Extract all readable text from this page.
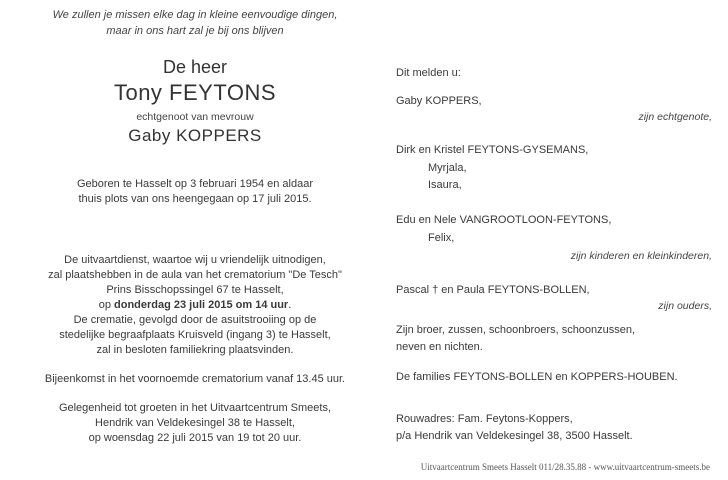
We zullen je missen elke dag in kleine eenvoudige dingen,
maar in ons hart zal je bij ons blijven
De heer
Tony FEYTONS
echtgenoot van mevrouw
Gaby KOPPERS
Geboren te Hasselt op 3 februari 1954 en aldaar
thuis plots van ons heengegaan op 17 juli 2015.
De uitvaartdienst, waartoe wij u vriendelijk uitnodigen,
zal plaatshebben in de aula van het crematorium "De Tesch"
Prins Bisschopssingel 67 te Hasselt,
op donderdag 23 juli 2015 om 14 uur.
De crematie, gevolgd door de asuitstrooiing op de
stedelijke begraafplaats Kruisveld (ingang 3) te Hasselt,
zal in besloten familiekring plaatsvinden.
Bijeenkomst in het voornoemde crematorium vanaf 13.45 uur.
Gelegenheid tot groeten in het Uitvaartcentrum Smeets,
Hendrik van Veldekesingel 38 te Hasselt,
op woensdag 22 juli 2015 van 19 tot 20 uur.
Dit melden u:
Gaby KOPPERS,
zijn echtgenote,
Dirk en Kristel FEYTONS-GYSEMANS,
Myrjala,
Isaura,
Edu en Nele VANGROOTLOON-FEYTONS,
Felix,
zijn kinderen en kleinkinderen,
Pascal † en Paula FEYTONS-BOLLEN,
zijn ouders,
Zijn broer, zussen, schoonbroers, schoonzussen,
neven en nichten.
De families FEYTONS-BOLLEN en KOPPERS-HOUBEN.
Rouwadres: Fam. Feytons-Koppers,
p/a Hendrik van Veldekesingel 38, 3500 Hasselt.
Uitvaartcentrum Smeets Hasselt 011/28.35.88 - www.uitvaartcentrum-smeets.be
